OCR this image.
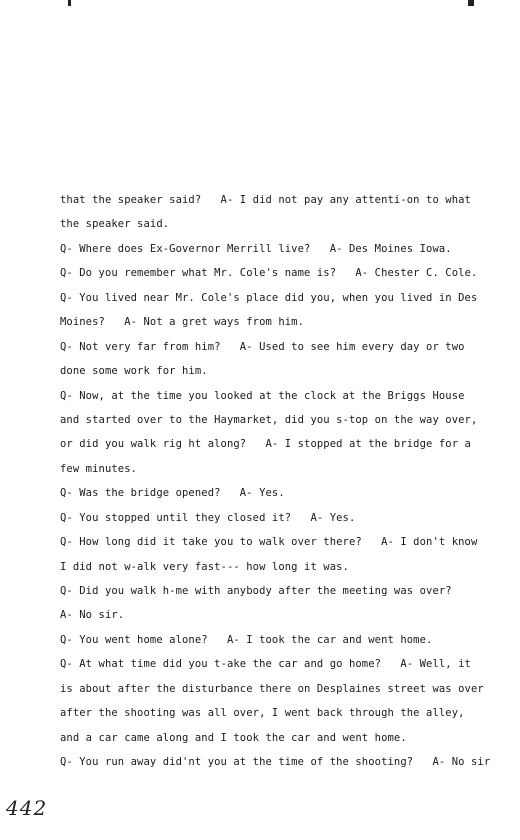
that the speaker said?   A- I did not pay any attenti-on to what
the speaker said.
Q- Where does Ex-Governor Merrill live?   A- Des Moines Iowa.
Q- Do you remember what Mr. Cole's name is?   A- Chester C. Cole.
Q- You lived near Mr. Cole's place did you, when you lived in Des
Moines?   A- Not a gret ways from him.
Q- Not very far from him?   A- Used to see him every day or two
done some work for him.
Q- Now, at the time you looked at the clock at the Briggs House
and started over to the Haymarket, did you s-top on the way over,
or did you walk rig ht along?   A- I stopped at the bridge for a
few minutes.
Q- Was the bridge opened?   A- Yes.
Q- You stopped until they closed it?   A- Yes.
Q- How long did it take you to walk over there?   A- I don't know
I did not w-alk very fast--- how long it was.
Q- Did you walk h-me with anybody after the meeting was over?
A- No sir.
Q- You went home alone?   A- I took the car and went home.
Q- At what time did you t-ake the car and go home?   A- Well, it
is about after the disturbance there on Desplaines street was over
after the shooting was all over, I went back through the alley,
and a car came along and I took the car and went home.
Q- You run away did'nt you at the time of the shooting?   A- No sir
442
